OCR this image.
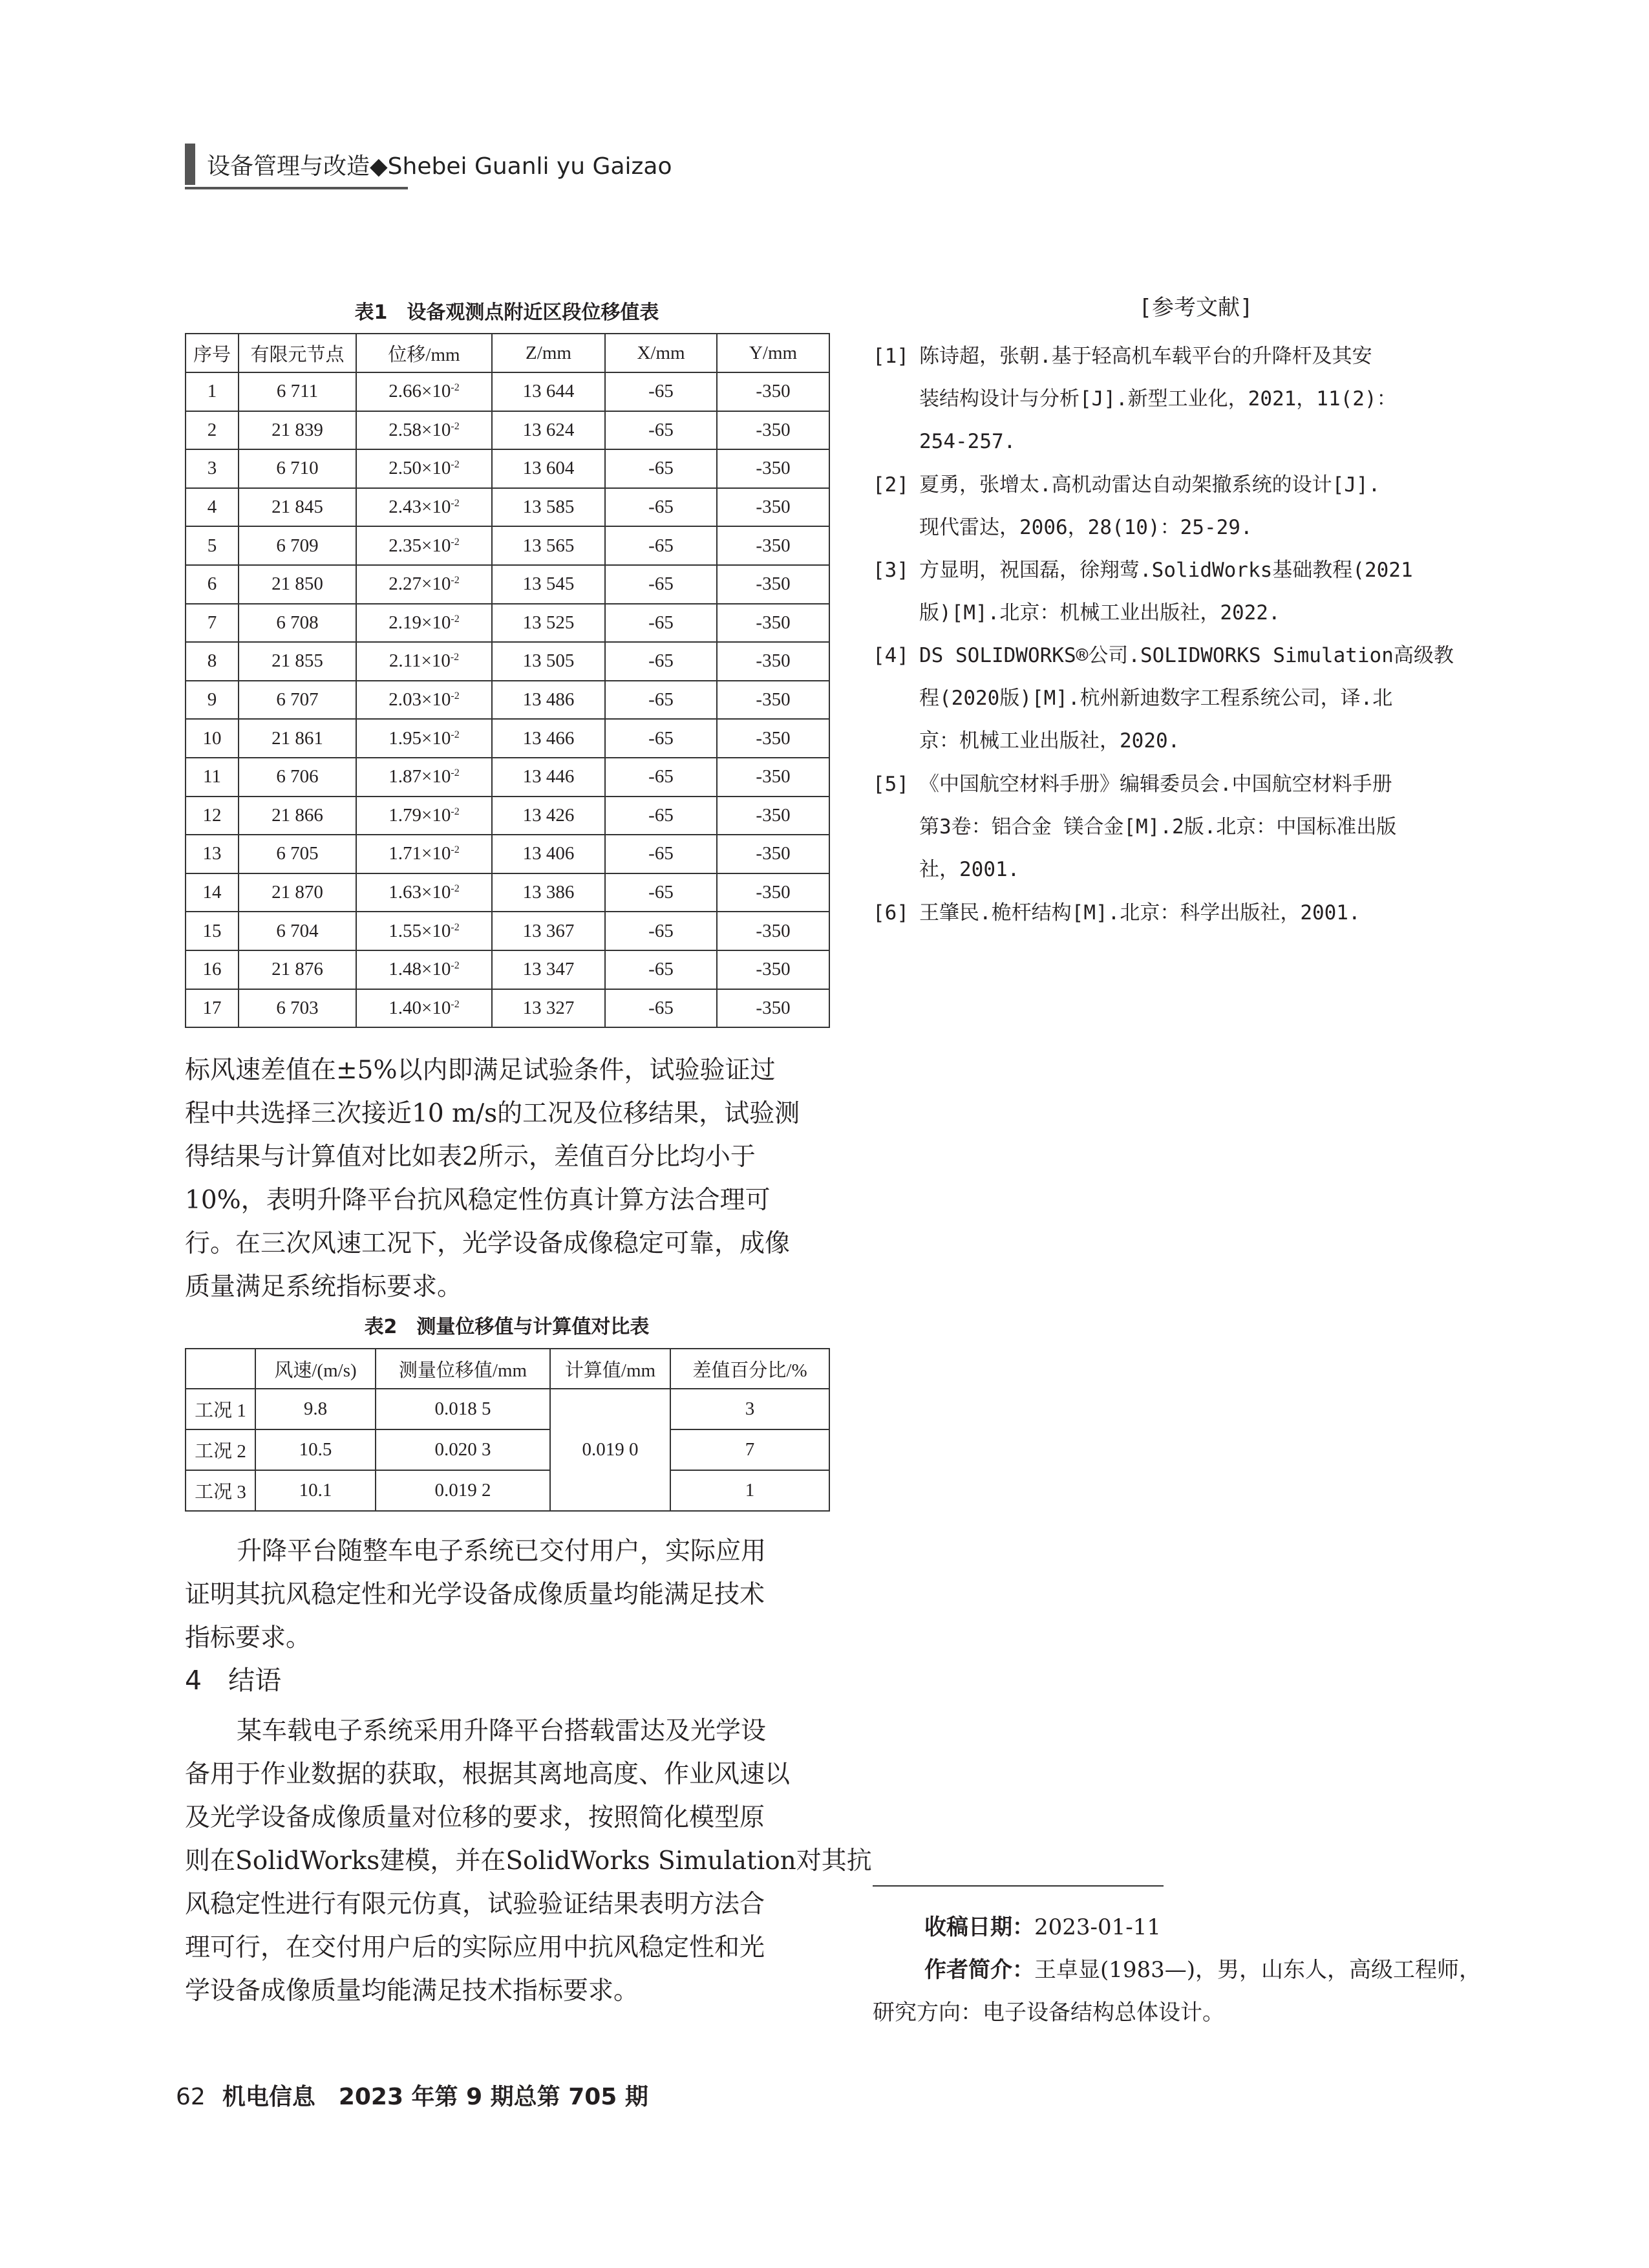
设备管理与改造◆Shebei Guanli yu Gaizao
表1　设备观测点附近区段位移值表
序号	有限元节点	位移/mm	Z/mm	X/mm	Y/mm
1	6 711	$2.66\times 10^{-2}$	13 644	-65	-350
2	21 839	$2.58\times 10^{-2}$	13 624	-65	-350
3	6 710	$2.50\times 10^{-2}$	13 604	-65	-350
4	21 845	$2.43\times 10^{-2}$	13 585	-65	-350
5	6 709	$2.35\times 10^{-2}$	13 565	-65	-350
6	21 850	$2.27\times 10^{-2}$	13 545	-65	-350
7	6 708	$2.19\times 10^{-2}$	13 525	-65	-350
8	21 855	$2.11\times 10^{-2}$	13 505	-65	-350
9	6 707	$2.03\times 10^{-2}$	13 486	-65	-350
10	21 861	$1.95\times 10^{-2}$	13 466	-65	-350
11	6 706	$1.87\times 10^{-2}$	13 446	-65	-350
12	21 866	$1.79\times 10^{-2}$	13 426	-65	-350
13	6 705	$1.71\times 10^{-2}$	13 406	-65	-350
14	21 870	$1.63\times 10^{-2}$	13 386	-65	-350
15	6 704	$1.55\times 10^{-2}$	13 367	-65	-350
16	21 876	$1.48\times 10^{-2}$	13 347	-65	-350
17	6 703	$1.40\times 10^{-2}$	13 327	-65	-350
标风速差值在±5%以内即满足试验条件，试验验证过
程中共选择三次接近10 m/s的工况及位移结果，试验测
得结果与计算值对比如表2所示，差值百分比均小于
10%，表明升降平台抗风稳定性仿真计算方法合理可
行。在三次风速工况下，光学设备成像稳定可靠，成像
质量满足系统指标要求。
表2　测量位移值与计算值对比表
	风速/(m/s)	测量位移值/mm	计算值/mm	差值百分比/%
工况 1	9.8	0.018 5	0.019 0	3
工况 2	10.5	0.020 3		7
工况 3	10.1	0.019 2		1
升降平台随整车电子系统已交付用户，实际应用
证明其抗风稳定性和光学设备成像质量均能满足技术
指标要求。
4　结语
某车载电子系统采用升降平台搭载雷达及光学设
备用于作业数据的获取，根据其离地高度、作业风速以
及光学设备成像质量对位移的要求，按照简化模型原
则在SolidWorks建模，并在SolidWorks Simulation对其抗
风稳定性进行有限元仿真，试验验证结果表明方法合
理可行，在交付用户后的实际应用中抗风稳定性和光
学设备成像质量均能满足技术指标要求。
[参考文献]
[1] 陈诗超，张朝.基于轻高机车载平台的升降杆及其安
装结构设计与分析[J].新型工业化，2021，11(2)：
254-257.
[2] 夏勇，张增太.高机动雷达自动架撤系统的设计[J].
现代雷达，2006，28(10)：25-29.
[3] 方显明，祝国磊，徐翔莺.SolidWorks基础教程(2021
版)[M].北京：机械工业出版社，2022.
[4] DS SOLIDWORKS®公司.SOLIDWORKS Simulation高级教
程(2020版)[M].杭州新迪数字工程系统公司，译.北
京：机械工业出版社，2020.
[5] 《中国航空材料手册》编辑委员会.中国航空材料手册
第3卷：铝合金 镁合金[M].2版.北京：中国标准出版
社，2001.
[6] 王肇民.桅杆结构[M].北京：科学出版社，2001.
收稿日期：2023-01-11
作者简介：王卓显(1983—)，男，山东人，高级工程师，
研究方向：电子设备结构总体设计。
62 机电信息　2023 年第 9 期总第 705 期
